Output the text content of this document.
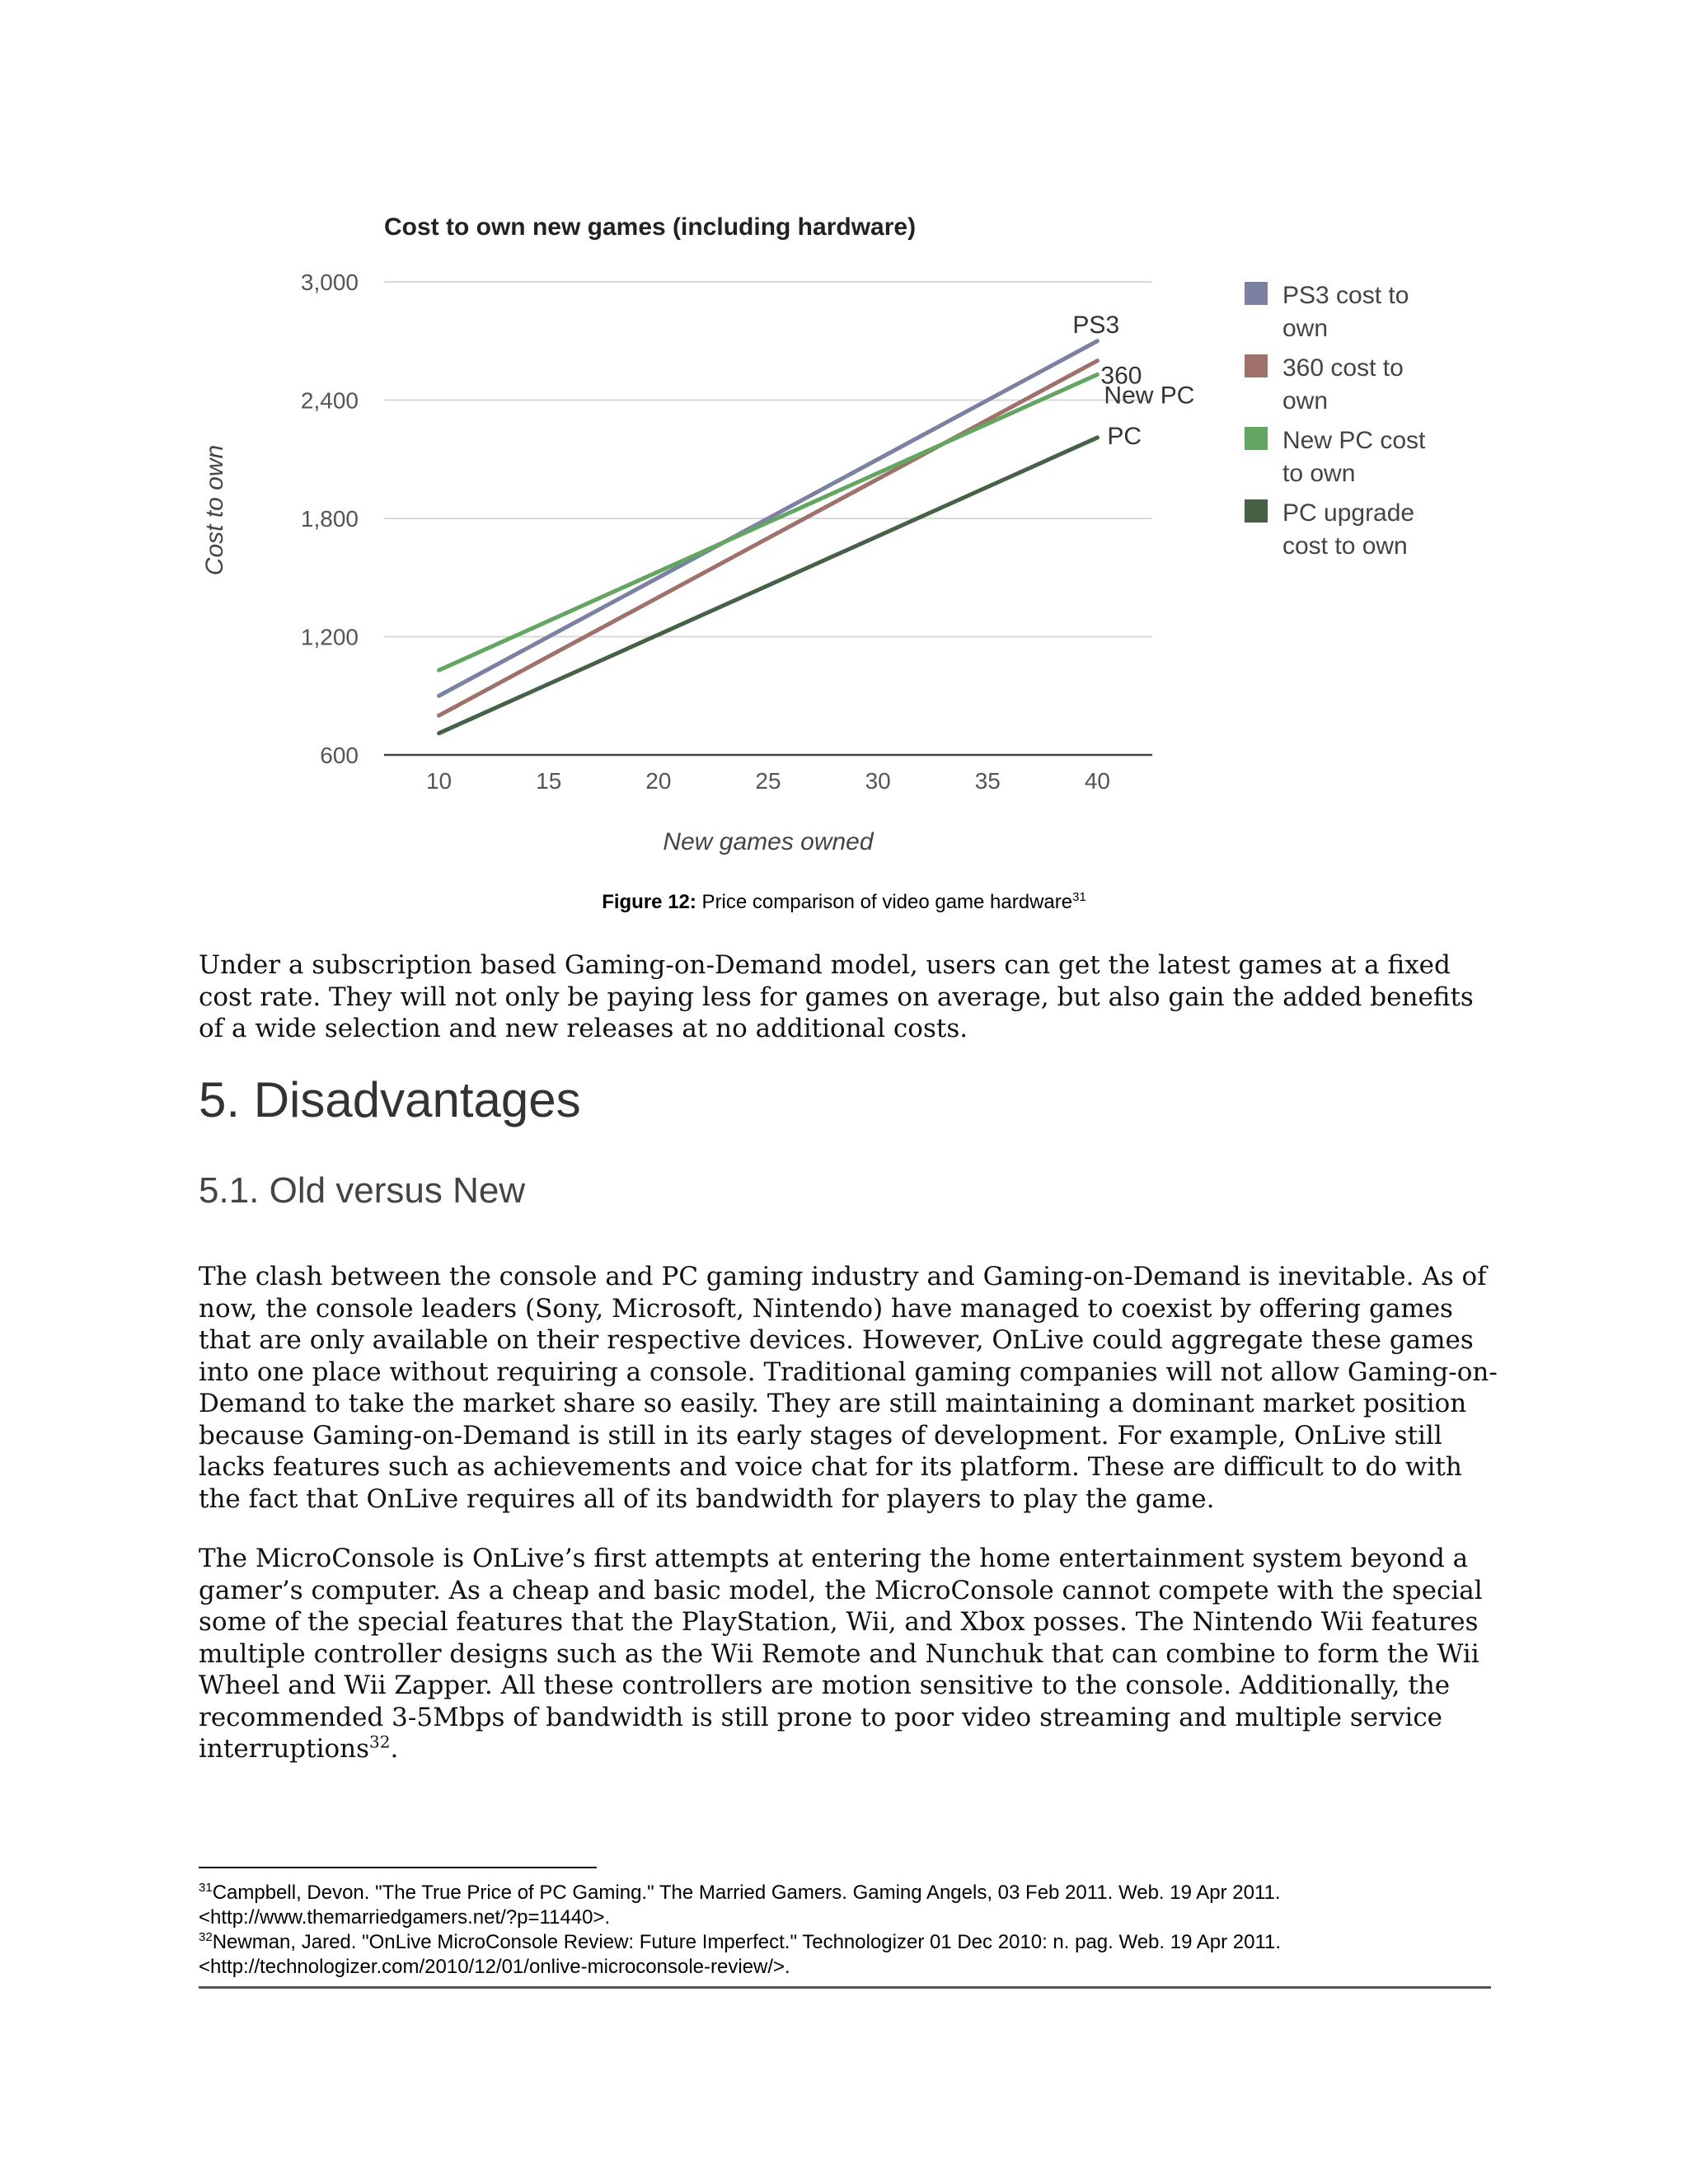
Cost to own new games (including hardware)
PS3
360
New PC
PC
600
1,200
1,800
2,400
3,000
10	15	20	25	30	35	40
New games owned
Cost to own
PS3 cost to
own
360 cost to
own
New PC cost
to own
PC upgrade
cost to own
Figure 12: Price comparison of video game hardware$^{31}$

Under a subscription based Gaming-on-Demand model, users can get the latest games at a fixed cost rate. They will not only be paying less for games on average, but also gain the added benefits of a wide selection and new releases at no additional costs.

5. Disadvantages
5.1. Old versus New

The clash between the console and PC gaming industry and Gaming-on-Demand is inevitable. As of now, the console leaders (Sony, Microsoft, Nintendo) have managed to coexist by offering games that are only available on their respective devices. However, OnLive could aggregate these games into one place without requiring a console. Traditional gaming companies will not allow Gaming-on-Demand to take the market share so easily. They are still maintaining a dominant market position because Gaming-on-Demand is still in its early stages of development. For example, OnLive still lacks features such as achievements and voice chat for its platform. These are difficult to do with the fact that OnLive requires all of its bandwidth for players to play the game.

The MicroConsole is OnLive’s first attempts at entering the home entertainment system beyond a gamer’s computer. As a cheap and basic model, the MicroConsole cannot compete with the special some of the special features that the PlayStation, Wii, and Xbox posses. The Nintendo Wii features multiple controller designs such as the Wii Remote and Nunchuk that can combine to form the Wii Wheel and Wii Zapper. All these controllers are motion sensitive to the console. Additionally, the recommended 3-5Mbps of bandwidth is still prone to poor video streaming and multiple service interruptions$^{32}$.

$^{31}$Campbell, Devon. "The True Price of PC Gaming." The Married Gamers. Gaming Angels, 03 Feb 2011. Web. 19 Apr 2011.
<http://www.themarriedgamers.net/?p=11440>.
$^{32}$Newman, Jared. "OnLive MicroConsole Review: Future Imperfect." Technologizer 01 Dec 2010: n. pag. Web. 19 Apr 2011.
<http://technologizer.com/2010/12/01/onlive-microconsole-review/>.
